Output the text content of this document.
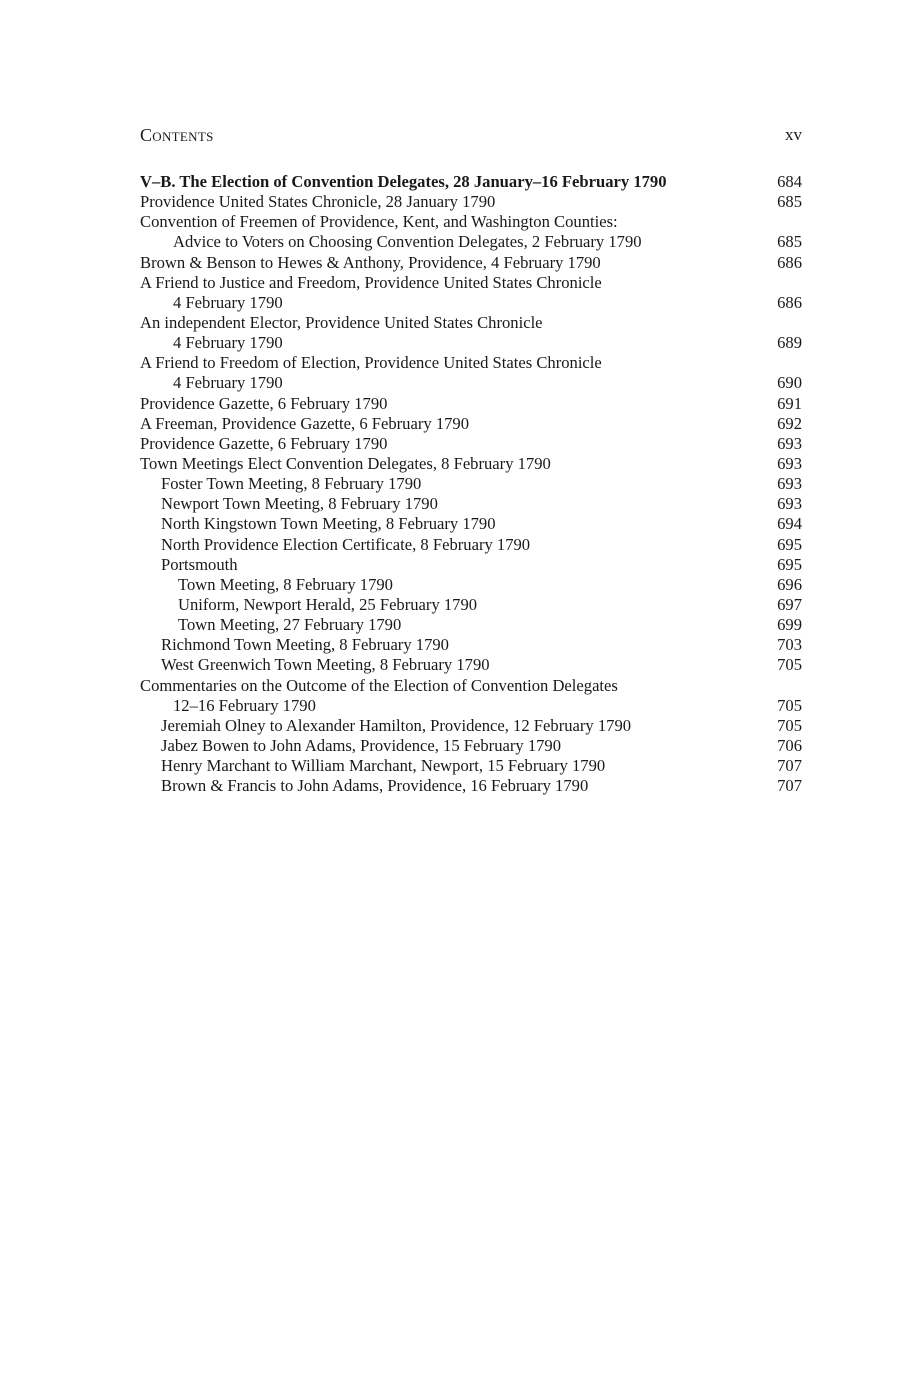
Contents	xv
V–B. The Election of Convention Delegates, 28 January–16 February 1790	684
Providence United States Chronicle, 28 January 1790	685
Convention of Freemen of Providence, Kent, and Washington Counties:
Advice to Voters on Choosing Convention Delegates, 2 February 1790	685
Brown & Benson to Hewes & Anthony, Providence, 4 February 1790	686
A Friend to Justice and Freedom, Providence United States Chronicle
4 February 1790	686
An independent Elector, Providence United States Chronicle
4 February 1790	689
A Friend to Freedom of Election, Providence United States Chronicle
4 February 1790	690
Providence Gazette, 6 February 1790	691
A Freeman, Providence Gazette, 6 February 1790	692
Providence Gazette, 6 February 1790	693
Town Meetings Elect Convention Delegates, 8 February 1790	693
Foster Town Meeting, 8 February 1790	693
Newport Town Meeting, 8 February 1790	693
North Kingstown Town Meeting, 8 February 1790	694
North Providence Election Certificate, 8 February 1790	695
Portsmouth	695
Town Meeting, 8 February 1790	696
Uniform, Newport Herald, 25 February 1790	697
Town Meeting, 27 February 1790	699
Richmond Town Meeting, 8 February 1790	703
West Greenwich Town Meeting, 8 February 1790	705
Commentaries on the Outcome of the Election of Convention Delegates
12–16 February 1790	705
Jeremiah Olney to Alexander Hamilton, Providence, 12 February 1790	705
Jabez Bowen to John Adams, Providence, 15 February 1790	706
Henry Marchant to William Marchant, Newport, 15 February 1790	707
Brown & Francis to John Adams, Providence, 16 February 1790	707
